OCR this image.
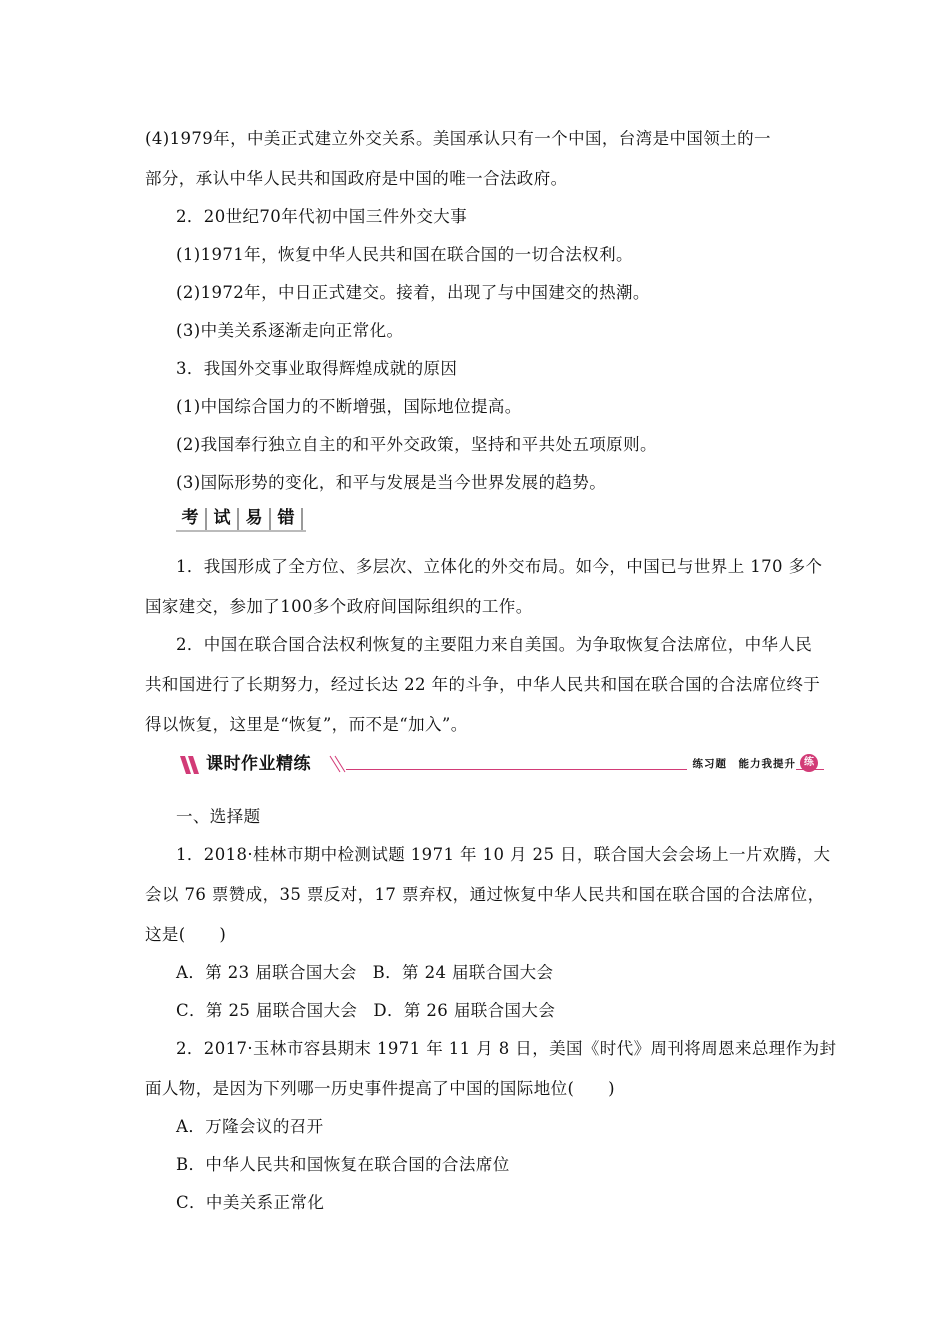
(4)1979年，中美正式建立外交关系。美国承认只有一个中国，台湾是中国领土的一
部分，承认中华人民共和国政府是中国的唯一合法政府。
2．20世纪70年代初中国三件外交大事
(1)1971年，恢复中华人民共和国在联合国的一切合法权利。
(2)1972年，中日正式建交。接着，出现了与中国建交的热潮。
(3)中美关系逐渐走向正常化。
3．我国外交事业取得辉煌成就的原因
(1)中国综合国力的不断增强，国际地位提高。
(2)我国奉行独立自主的和平外交政策，坚持和平共处五项原则。
(3)国际形势的变化，和平与发展是当今世界发展的趋势。
考 试 易 错
1．我国形成了全方位、多层次、立体化的外交布局。如今，中国已与世界上 170 多个
国家建交，参加了100多个政府间国际组织的工作。
2．中国在联合国合法权利恢复的主要阻力来自美国。为争取恢复合法席位，中华人民
共和国进行了长期努力，经过长达 22 年的斗争，中华人民共和国在联合国的合法席位终于
得以恢复，这里是“恢复”，而不是“加入”。
课时作业精练	练习题　能力我提升 练
一、选择题
1．2018·桂林市期中检测试题 1971 年 10 月 25 日，联合国大会会场上一片欢腾，大
会以 76 票赞成，35 票反对，17 票弃权，通过恢复中华人民共和国在联合国的合法席位，
这是(　　)
A．第 23 届联合国大会 B．第 24 届联合国大会
C．第 25 届联合国大会 D．第 26 届联合国大会
2．2017·玉林市容县期末 1971 年 11 月 8 日，美国《时代》周刊将周恩来总理作为封
面人物，是因为下列哪一历史事件提高了中国的国际地位(　　)
A．万隆会议的召开
B．中华人民共和国恢复在联合国的合法席位
C．中美关系正常化
